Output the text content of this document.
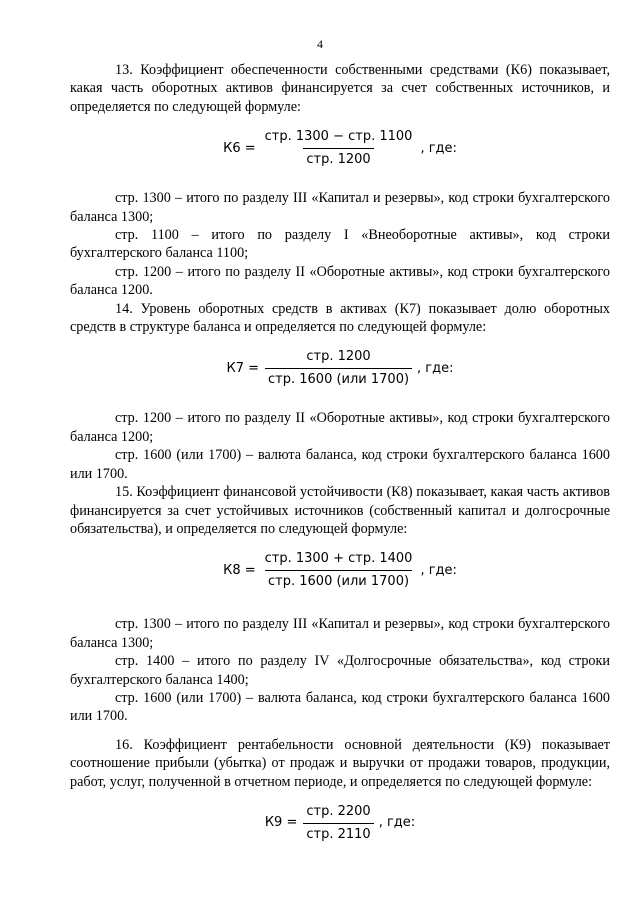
4

13. Коэффициент обеспеченности собственными средствами (К6) показывает, какая часть оборотных активов финансируется за счет собственных источников, и определяется по следующей формуле:

$К6 = \frac{\text{стр. 1300 − стр. 1100}}{\text{стр. 1200}}$ , где:

стр. 1300 – итого по разделу III «Капитал и резервы», код строки бухгалтерского баланса 1300;

стр. 1100 – итого по разделу I «Внеоборотные активы», код строки бухгалтерского баланса 1100;

стр. 1200 – итого по разделу II «Оборотные активы», код строки бухгалтерского баланса 1200.

14. Уровень оборотных средств в активах (К7) показывает долю оборотных средств в структуре баланса и определяется по следующей формуле:

$К7 = \frac{\text{стр. 1200}}{\text{стр. 1600 (или 1700)}}$ , где:

стр. 1200 – итого по разделу II «Оборотные активы», код строки бухгалтерского баланса 1200;

стр. 1600 (или 1700) – валюта баланса, код строки бухгалтерского баланса 1600 или 1700.

15. Коэффициент финансовой устойчивости (К8) показывает, какая часть активов финансируется за счет устойчивых источников (собственный капитал и долгосрочные обязательства), и определяется по следующей формуле:

$К8 = \frac{\text{стр. 1300 + стр. 1400}}{\text{стр. 1600 (или 1700)}}$ , где:

стр. 1300 – итого по разделу III «Капитал и резервы», код строки бухгалтерского баланса 1300;

стр. 1400 – итого по разделу IV «Долгосрочные обязательства», код строки бухгалтерского баланса 1400;

стр. 1600 (или 1700) – валюта баланса, код строки бухгалтерского баланса 1600 или 1700.

16. Коэффициент рентабельности основной деятельности (К9) показывает соотношение прибыли (убытка) от продаж и выручки от продажи товаров, продукции, работ, услуг, полученной в отчетном периоде, и определяется по следующей формуле:

$К9 = \frac{\text{стр. 2200}}{\text{стр. 2110}}$ , где:
